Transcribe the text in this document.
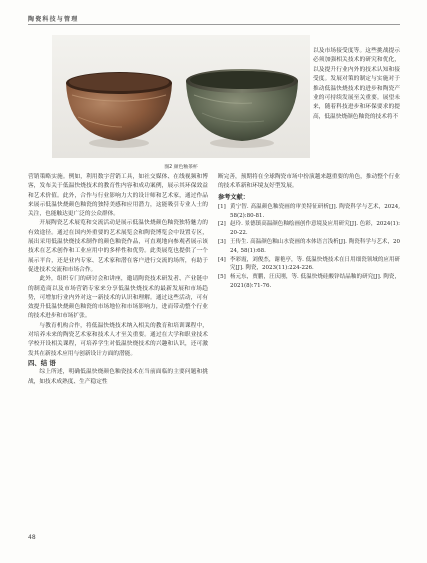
陶瓷科技与管理
图2 颜色釉茶杯
以及市场接受度等。这些挑战提示必须加强相关技术的研究和优化，以及提升行业内外的技术认知和接受度。发展对策的制定与实施对于推动低温快烧技术的进步和陶瓷产业的可持续发展至关重要。展望未来，随着科技进步和环保要求的提高，低温快烧颜色釉瓷的技术将不

营销策略实施。例如，利用数字营销工具，如社交媒体、在线视频和博客，发布关于低温快烧技术的教育性内容和成功案例，展示其环保效益和艺术价值。此外，合作与行业影响力大的设计师和艺术家，通过作品来展示低温快烧颜色釉瓷的独特美感和应用潜力，这能吸引专业人士的关注，也能触达更广泛的公众群体。

开展陶瓷艺术展览和交流活动是展示低温快烧颜色釉瓷独特魅力的有效途径。通过在国内外重要的艺术展览会和陶瓷博览会中设置专区，展出采用低温快烧技术制作的颜色釉瓷作品，可直观地向参观者展示该技术在艺术创作和工业应用中的多样性和优势。此类展览也提供了一个展示平台，还是业内专家、艺术家和潜在客户进行交流的场所，有助于促进技术交流和市场合作。

此外，组织专门的研讨会和讲座，邀请陶瓷技术研发者、产业链中的制造商以及市场营销专家来分享低温快烧技术的最新发展和市场趋势，可增加行业内外对这一新技术的认识和理解。通过这些活动，可有效提升低温快烧颜色釉瓷的市场地位和市场影响力，进而带动整个行业的技术进步和市场扩张。

与教育机构合作，将低温快烧技术纳入相关的教育和培训课程中，对培养未来的陶瓷艺术家和技术人才至关重要。通过在大学和职业技术学校开设相关课程，可培养学生对低温快烧技术的兴趣和认识，还可激发其在新技术应用与创新设计方面的潜能。

四、结 语

综上所述，明确低温快烧颜色釉瓷技术在当前面临的主要问题和挑战，如技术成熟度、生产稳定性

断完善，预期将在全球陶瓷市场中扮演越来越重要的角色，推动整个行业的技术革新和环境友好型发展。

参考文献：
[1] 黄宁智. 高温颜色釉瓷画的审美特征研析[J]. 陶瓷科学与艺术，2024, 58(2):80-81.
[2] 赵玲. 景德镇高温颜色釉绘画创作意境及应用研究[J]. 色彩，2024(1):20-22.
[3] 王传生. 高温颜色釉山水瓷画的本体语言浅析[J]. 陶瓷科学与艺术，2024, 58(1):68.
[4] 李彩霞，刘俊杰，谢艳亭，等. 低温快烧技术在日用细瓷领域的应用研究[J]. 陶瓷，2023(11):224-226.
[5] 杨元东，贾鹏，汪庆刚，等. 低温快烧硅酸锌结晶釉的研究[J]. 陶瓷，2021(8):71-76.
48
